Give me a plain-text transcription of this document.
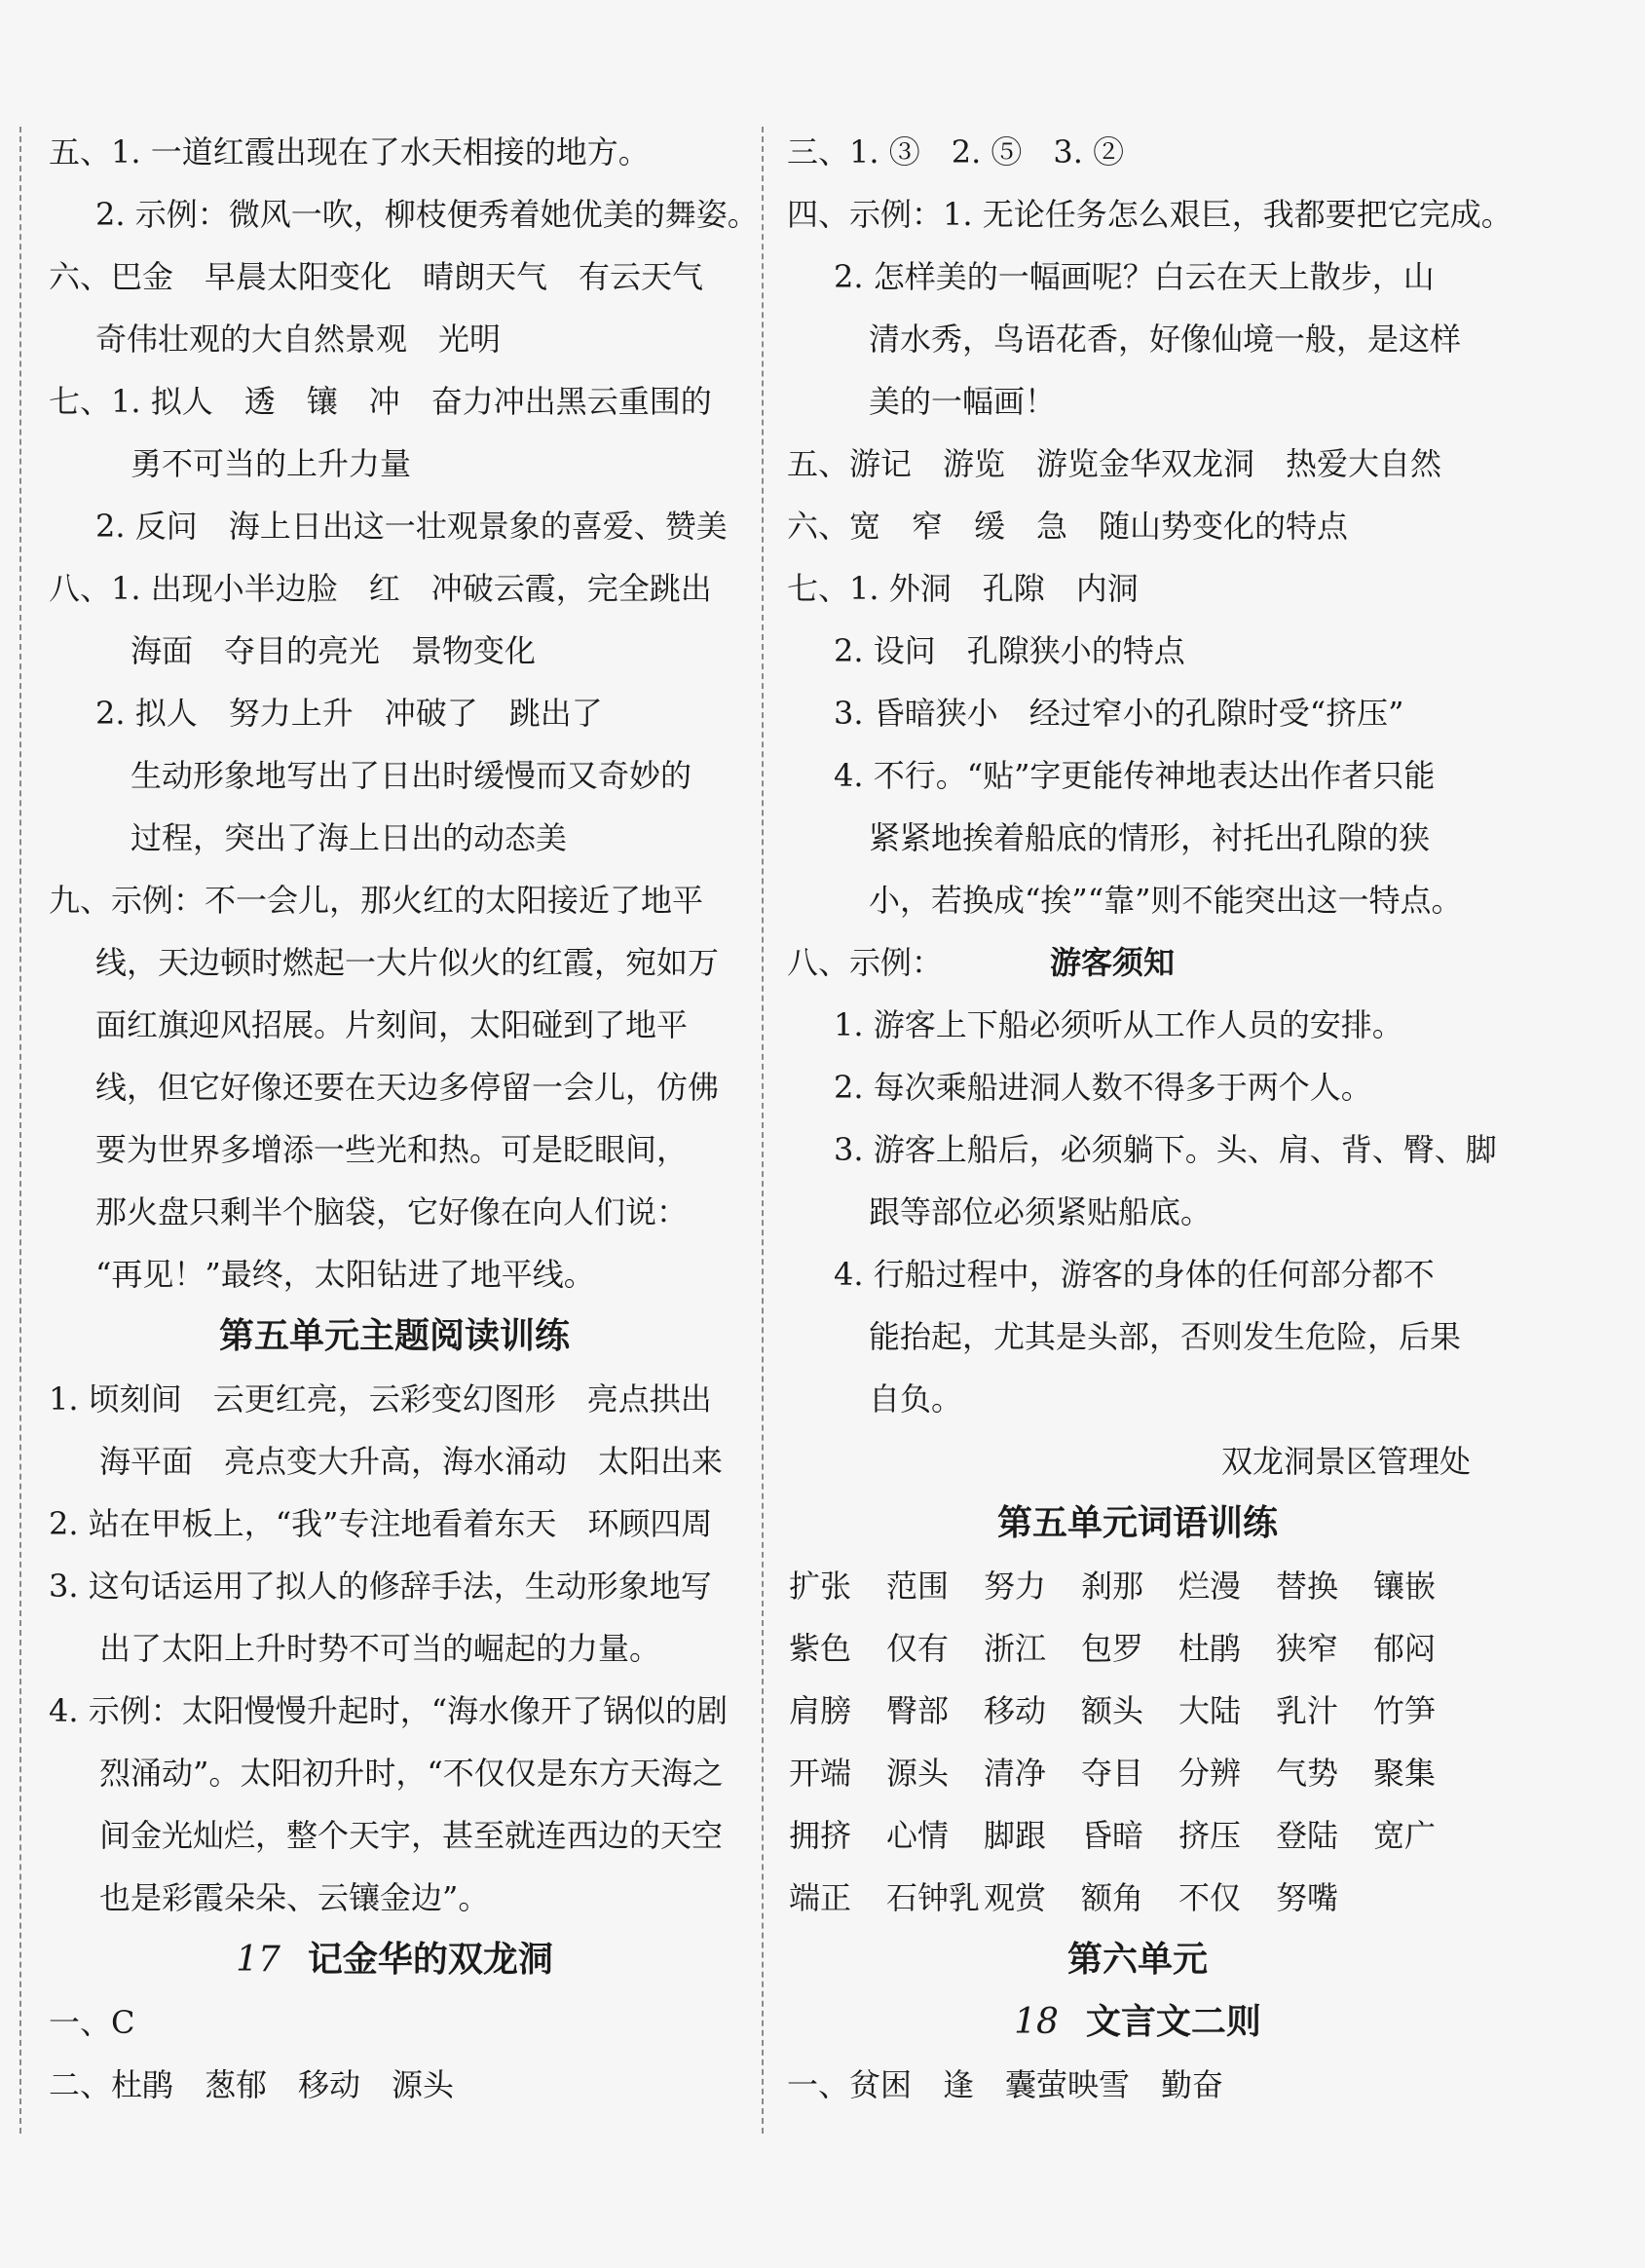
五、1. 一道红霞出现在了水天相接的地方。
2. 示例：微风一吹，柳枝便秀着她优美的舞姿。
六、巴金　早晨太阳变化　晴朗天气　有云天气
奇伟壮观的大自然景观　光明
七、1. 拟人　透　镶　冲　奋力冲出黑云重围的
勇不可当的上升力量
2. 反问　海上日出这一壮观景象的喜爱、赞美
八、1. 出现小半边脸　红　冲破云霞，完全跳出
海面　夺目的亮光　景物变化
2. 拟人　努力上升　冲破了　跳出了
生动形象地写出了日出时缓慢而又奇妙的
过程，突出了海上日出的动态美
九、示例：不一会儿，那火红的太阳接近了地平
线，天边顿时燃起一大片似火的红霞，宛如万
面红旗迎风招展。片刻间，太阳碰到了地平
线，但它好像还要在天边多停留一会儿，仿佛
要为世界多增添一些光和热。可是眨眼间，
那火盘只剩半个脑袋，它好像在向人们说：
“再见！”最终，太阳钻进了地平线。
第五单元主题阅读训练
1. 顷刻间　云更红亮，云彩变幻图形　亮点拱出
海平面　亮点变大升高，海水涌动　太阳出来
2. 站在甲板上，“我”专注地看着东天　环顾四周
3. 这句话运用了拟人的修辞手法，生动形象地写
出了太阳上升时势不可当的崛起的力量。
4. 示例：太阳慢慢升起时，“海水像开了锅似的剧
烈涌动”。太阳初升时，“不仅仅是东方天海之
间金光灿烂，整个天宇，甚至就连西边的天空
也是彩霞朵朵、云镶金边”。
17 记金华的双龙洞
一、C
二、杜鹃　葱郁　移动　源头
三、1. ③　2. ⑤　3. ②
四、示例：1. 无论任务怎么艰巨，我都要把它完成。
2. 怎样美的一幅画呢？白云在天上散步，山
清水秀，鸟语花香，好像仙境一般，是这样
美的一幅画！
五、游记　游览　游览金华双龙洞　热爱大自然
六、宽　窄　缓　急　随山势变化的特点
七、1. 外洞　孔隙　内洞
2. 设问　孔隙狭小的特点
3. 昏暗狭小　经过窄小的孔隙时受“挤压”
4. 不行。“贴”字更能传神地表达出作者只能
紧紧地挨着船底的情形，衬托出孔隙的狭
小，若换成“挨”“靠”则不能突出这一特点。
八、示例：	游客须知
1. 游客上下船必须听从工作人员的安排。
2. 每次乘船进洞人数不得多于两个人。
3. 游客上船后，必须躺下。头、肩、背、臀、脚
跟等部位必须紧贴船底。
4. 行船过程中，游客的身体的任何部分都不
能抬起，尤其是头部，否则发生危险，后果
自负。
双龙洞景区管理处
第五单元词语训练
扩张	范围	努力	刹那	烂漫	替换	镶嵌
紫色	仅有	浙江	包罗	杜鹃	狭窄	郁闷
肩膀	臀部	移动	额头	大陆	乳汁	竹笋
开端	源头	清净	夺目	分辨	气势	聚集
拥挤	心情	脚跟	昏暗	挤压	登陆	宽广
端正	石钟乳 观赏	额角	不仅	努嘴
第六单元
18 文言文二则
一、贫困　逢　囊萤映雪　勤奋
